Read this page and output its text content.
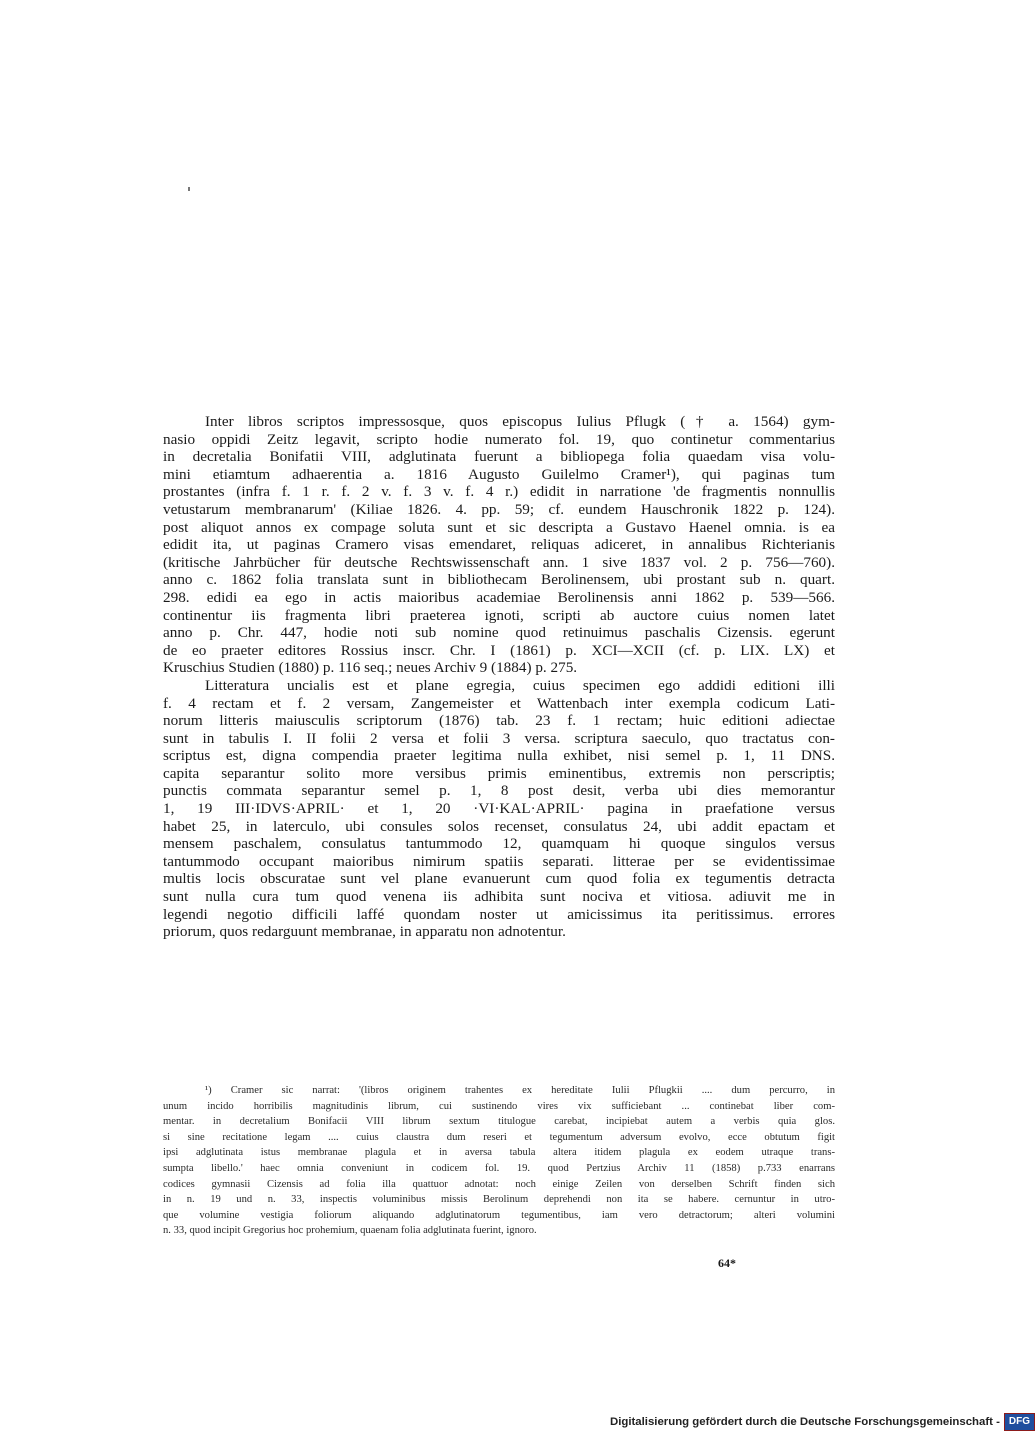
Inter libros scriptos impressosque, quos episcopus Iulius Pflugk († a. 1564) gym-
nasio oppidi Zeitz legavit, scripto hodie numerato fol. 19, quo continetur commentarius
in decretalia Bonifatii VIII, adglutinata fuerunt a bibliopega folia quaedam visa volu-
mini etiamtum adhaerentia a. 1816 Augusto Guilelmo Cramer¹), qui paginas tum
prostantes (infra f. 1 r. f. 2 v. f. 3 v. f. 4 r.) edidit in narratione 'de fragmentis nonnullis
vetustarum membranarum' (Kiliae 1826. 4. pp. 59; cf. eundem Hauschronik 1822 p. 124).
post aliquot annos ex compage soluta sunt et sic descripta a Gustavo Haenel omnia. is ea
edidit ita, ut paginas Cramero visas emendaret, reliquas adiceret, in annalibus Richterianis
(kritische Jahrbücher für deutsche Rechtswissenschaft ann. 1 sive 1837 vol. 2 p. 756—760).
anno c. 1862 folia translata sunt in bibliothecam Berolinensem, ubi prostant sub n. quart.
298. edidi ea ego in actis maioribus academiae Berolinensis anni 1862 p. 539—566.
continentur iis fragmenta libri praeterea ignoti, scripti ab auctore cuius nomen latet
anno p. Chr. 447, hodie noti sub nomine quod retinuimus paschalis Cizensis. egerunt
de eo praeter editores Rossius inscr. Chr. I (1861) p. XCI—XCII (cf. p. LIX. LX) et
Kruschius Studien (1880) p. 116 seq.; neues Archiv 9 (1884) p. 275.
Litteratura uncialis est et plane egregia, cuius specimen ego addidi editioni illi
f. 4 rectam et f. 2 versam, Zangemeister et Wattenbach inter exempla codicum Lati-
norum litteris maiusculis scriptorum (1876) tab. 23 f. 1 rectam; huic editioni adiectae
sunt in tabulis I. II folii 2 versa et folii 3 versa. scriptura saeculo, quo tractatus con-
scriptus est, digna compendia praeter legitima nulla exhibet, nisi semel p. 1, 11 DNS.
capita separantur solito more versibus primis eminentibus, extremis non perscriptis;
punctis commata separantur semel p. 1, 8 post desit, verba ubi dies memorantur
1, 19 III·IDVS·APRIL· et 1, 20 ·VI·KAL·APRIL· pagina in praefatione versus
habet 25, in laterculo, ubi consules solos recenset, consulatus 24, ubi addit epactam et
mensem paschalem, consulatus tantummodo 12, quamquam hi quoque singulos versus
tantummodo occupant maioribus nimirum spatiis separati. litterae per se evidentissimae
multis locis obscuratae sunt vel plane evanuerunt cum quod folia ex tegumentis detracta
sunt nulla cura tum quod venena iis adhibita sunt nociva et vitiosa. adiuvit me in
legendi negotio difficili laffé quondam noster ut amicissimus ita peritissimus. errores
priorum, quos redarguunt membranae, in apparatu non adnotentur.
¹) Cramer sic narrat: '(libros originem trahentes ex hereditate Iulii Pflugkii .... dum percurro, in
unum incido horribilis magnitudinis librum, cui sustinendo vires vix sufficiebant ... continebat liber com-
mentar. in decretalium Bonifacii VIII librum sextum titulogue carebat, incipiebat autem a verbis quia glos.
si sine recitatione legam .... cuius claustra dum reseri et tegumentum adversum evolvo, ecce obtutum figit
ipsi adglutinata istus membranae plagula et in aversa tabula altera itidem plagula ex eodem utraque trans-
sumpta libello.' haec omnia conveniunt in codicem fol. 19. quod Pertzius Archiv 11 (1858) p.733 enarrans
codices gymnasii Cizensis ad folia illa quattuor adnotat: noch einige Zeilen von derselben Schrift finden sich
in n. 19 und n. 33, inspectis voluminibus missis Berolinum deprehendi non ita se habere. cernuntur in utro-
que volumine vestigia foliorum aliquando adglutinatorum tegumentibus, iam vero detractorum; alteri volumini
n. 33, quod incipit Gregorius hoc prohemium, quaenam folia adglutinata fuerint, ignoro.
64*
Digitalisierung gefördert durch die Deutsche Forschungsgemeinschaft - DFG
